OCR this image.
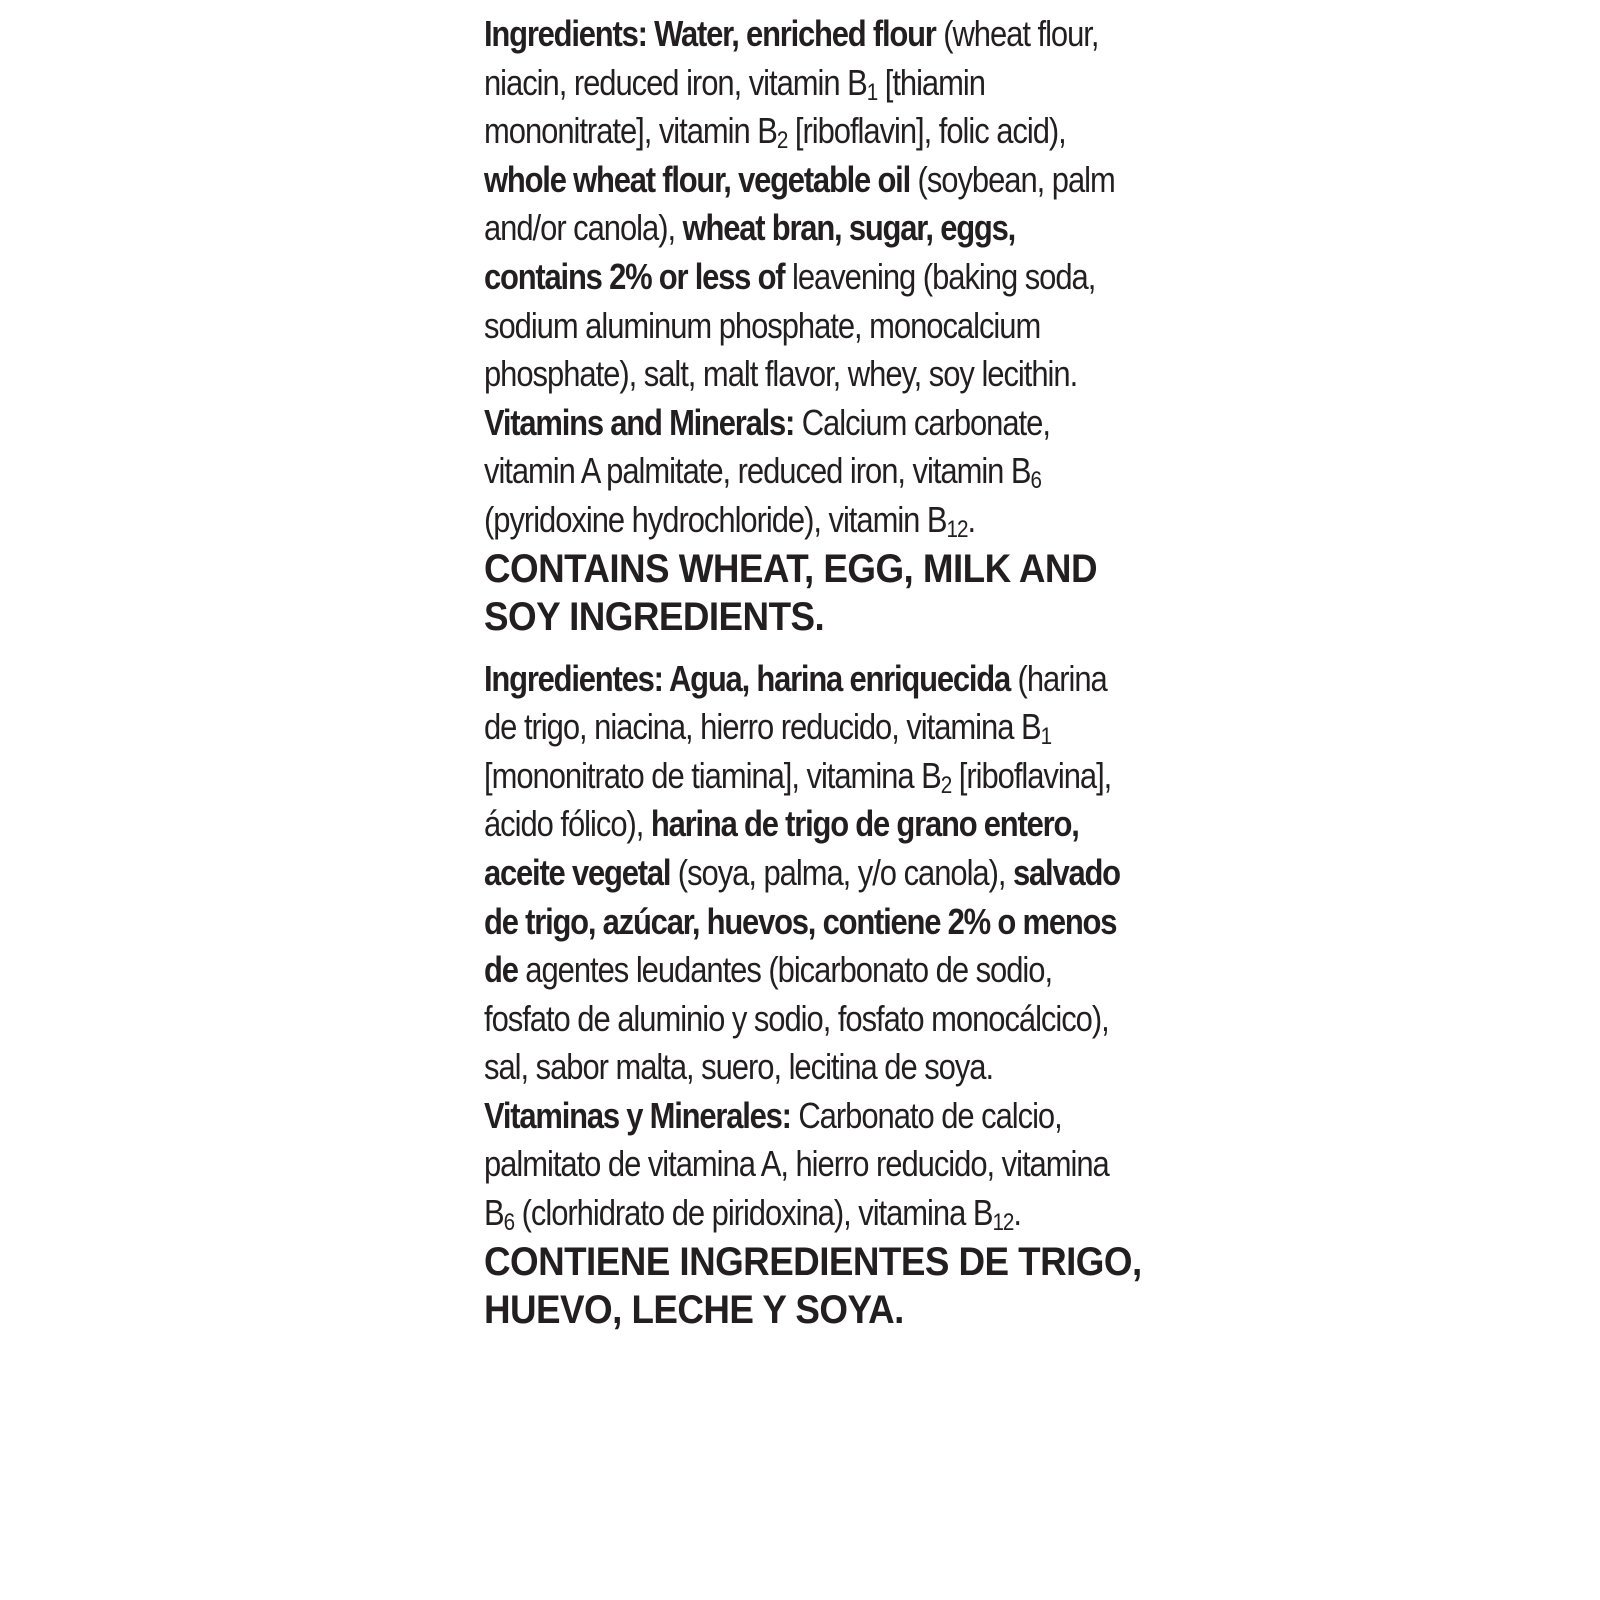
Ingredients: Water, enriched flour (wheat flour, niacin, reduced iron, vitamin $B_1$ [thiamin mononitrate], vitamin $B_2$ [riboflavin], folic acid), whole wheat flour, vegetable oil (soybean, palm and/or canola), wheat bran, sugar, eggs, contains 2% or less of leavening (baking soda, sodium aluminum phosphate, monocalcium phosphate), salt, malt flavor, whey, soy lecithin.

Vitamins and Minerals: Calcium carbonate, vitamin A palmitate, reduced iron, vitamin $B_6$ (pyridoxine hydrochloride), vitamin $B_{12}$.

CONTAINS WHEAT, EGG, MILK AND SOY INGREDIENTS.

Ingredientes: Agua, harina enriquecida (harina de trigo, niacina, hierro reducido, vitamina $B_1$ [mononitrato de tiamina], vitamina $B_2$ [riboflavina], ácido fólico), harina de trigo de grano entero, aceite vegetal (soya, palma, y/o canola), salvado de trigo, azúcar, huevos, contiene 2% o menos de agentes leudantes (bicarbonato de sodio, fosfato de aluminio y sodio, fosfato monocálcico), sal, sabor malta, suero, lecitina de soya.

Vitaminas y Minerales: Carbonato de calcio, palmitato de vitamina A, hierro reducido, vitamina $B_6$ (clorhidrato de piridoxina), vitamina $B_{12}$.

CONTIENE INGREDIENTES DE TRIGO, HUEVO, LECHE Y SOYA.
